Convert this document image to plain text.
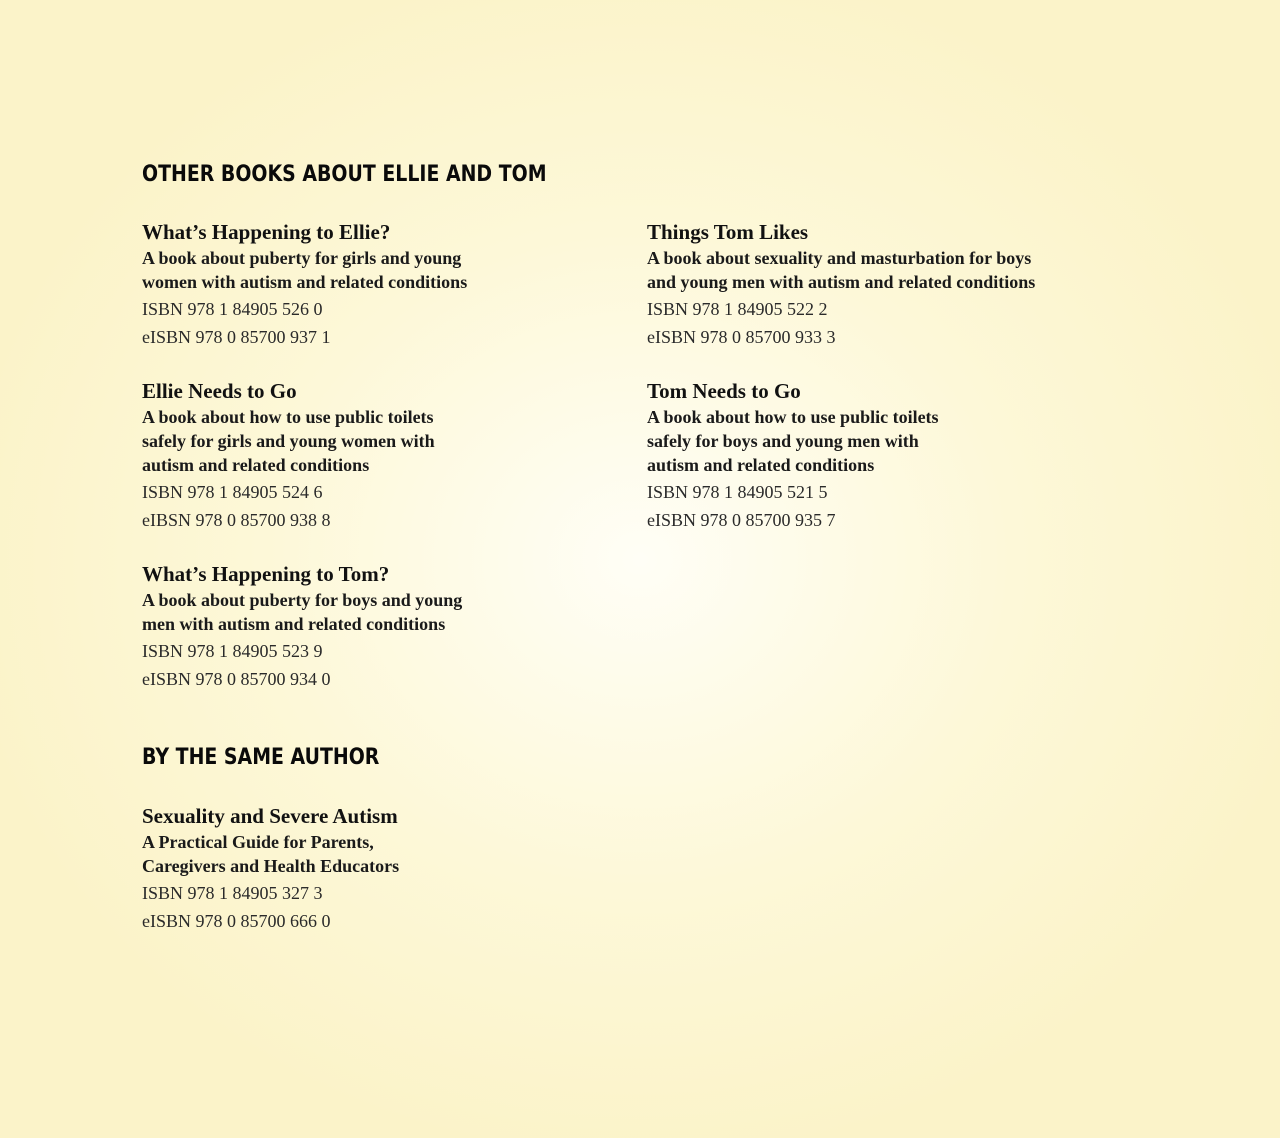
OTHER BOOKS ABOUT ELLIE AND TOM
What’s Happening to Ellie?
A book about puberty for girls and young
women with autism and related conditions
ISBN 978 1 84905 526 0
eISBN 978 0 85700 937 1
Things Tom Likes
A book about sexuality and masturbation for boys
and young men with autism and related conditions
ISBN 978 1 84905 522 2
eISBN 978 0 85700 933 3
Ellie Needs to Go
A book about how to use public toilets
safely for girls and young women with
autism and related conditions
ISBN 978 1 84905 524 6
eIBSN 978 0 85700 938 8
Tom Needs to Go
A book about how to use public toilets
safely for boys and young men with
autism and related conditions
ISBN 978 1 84905 521 5
eISBN 978 0 85700 935 7
What’s Happening to Tom?
A book about puberty for boys and young
men with autism and related conditions
ISBN 978 1 84905 523 9
eISBN 978 0 85700 934 0
BY THE SAME AUTHOR
Sexuality and Severe Autism
A Practical Guide for Parents,
Caregivers and Health Educators
ISBN 978 1 84905 327 3
eISBN 978 0 85700 666 0
